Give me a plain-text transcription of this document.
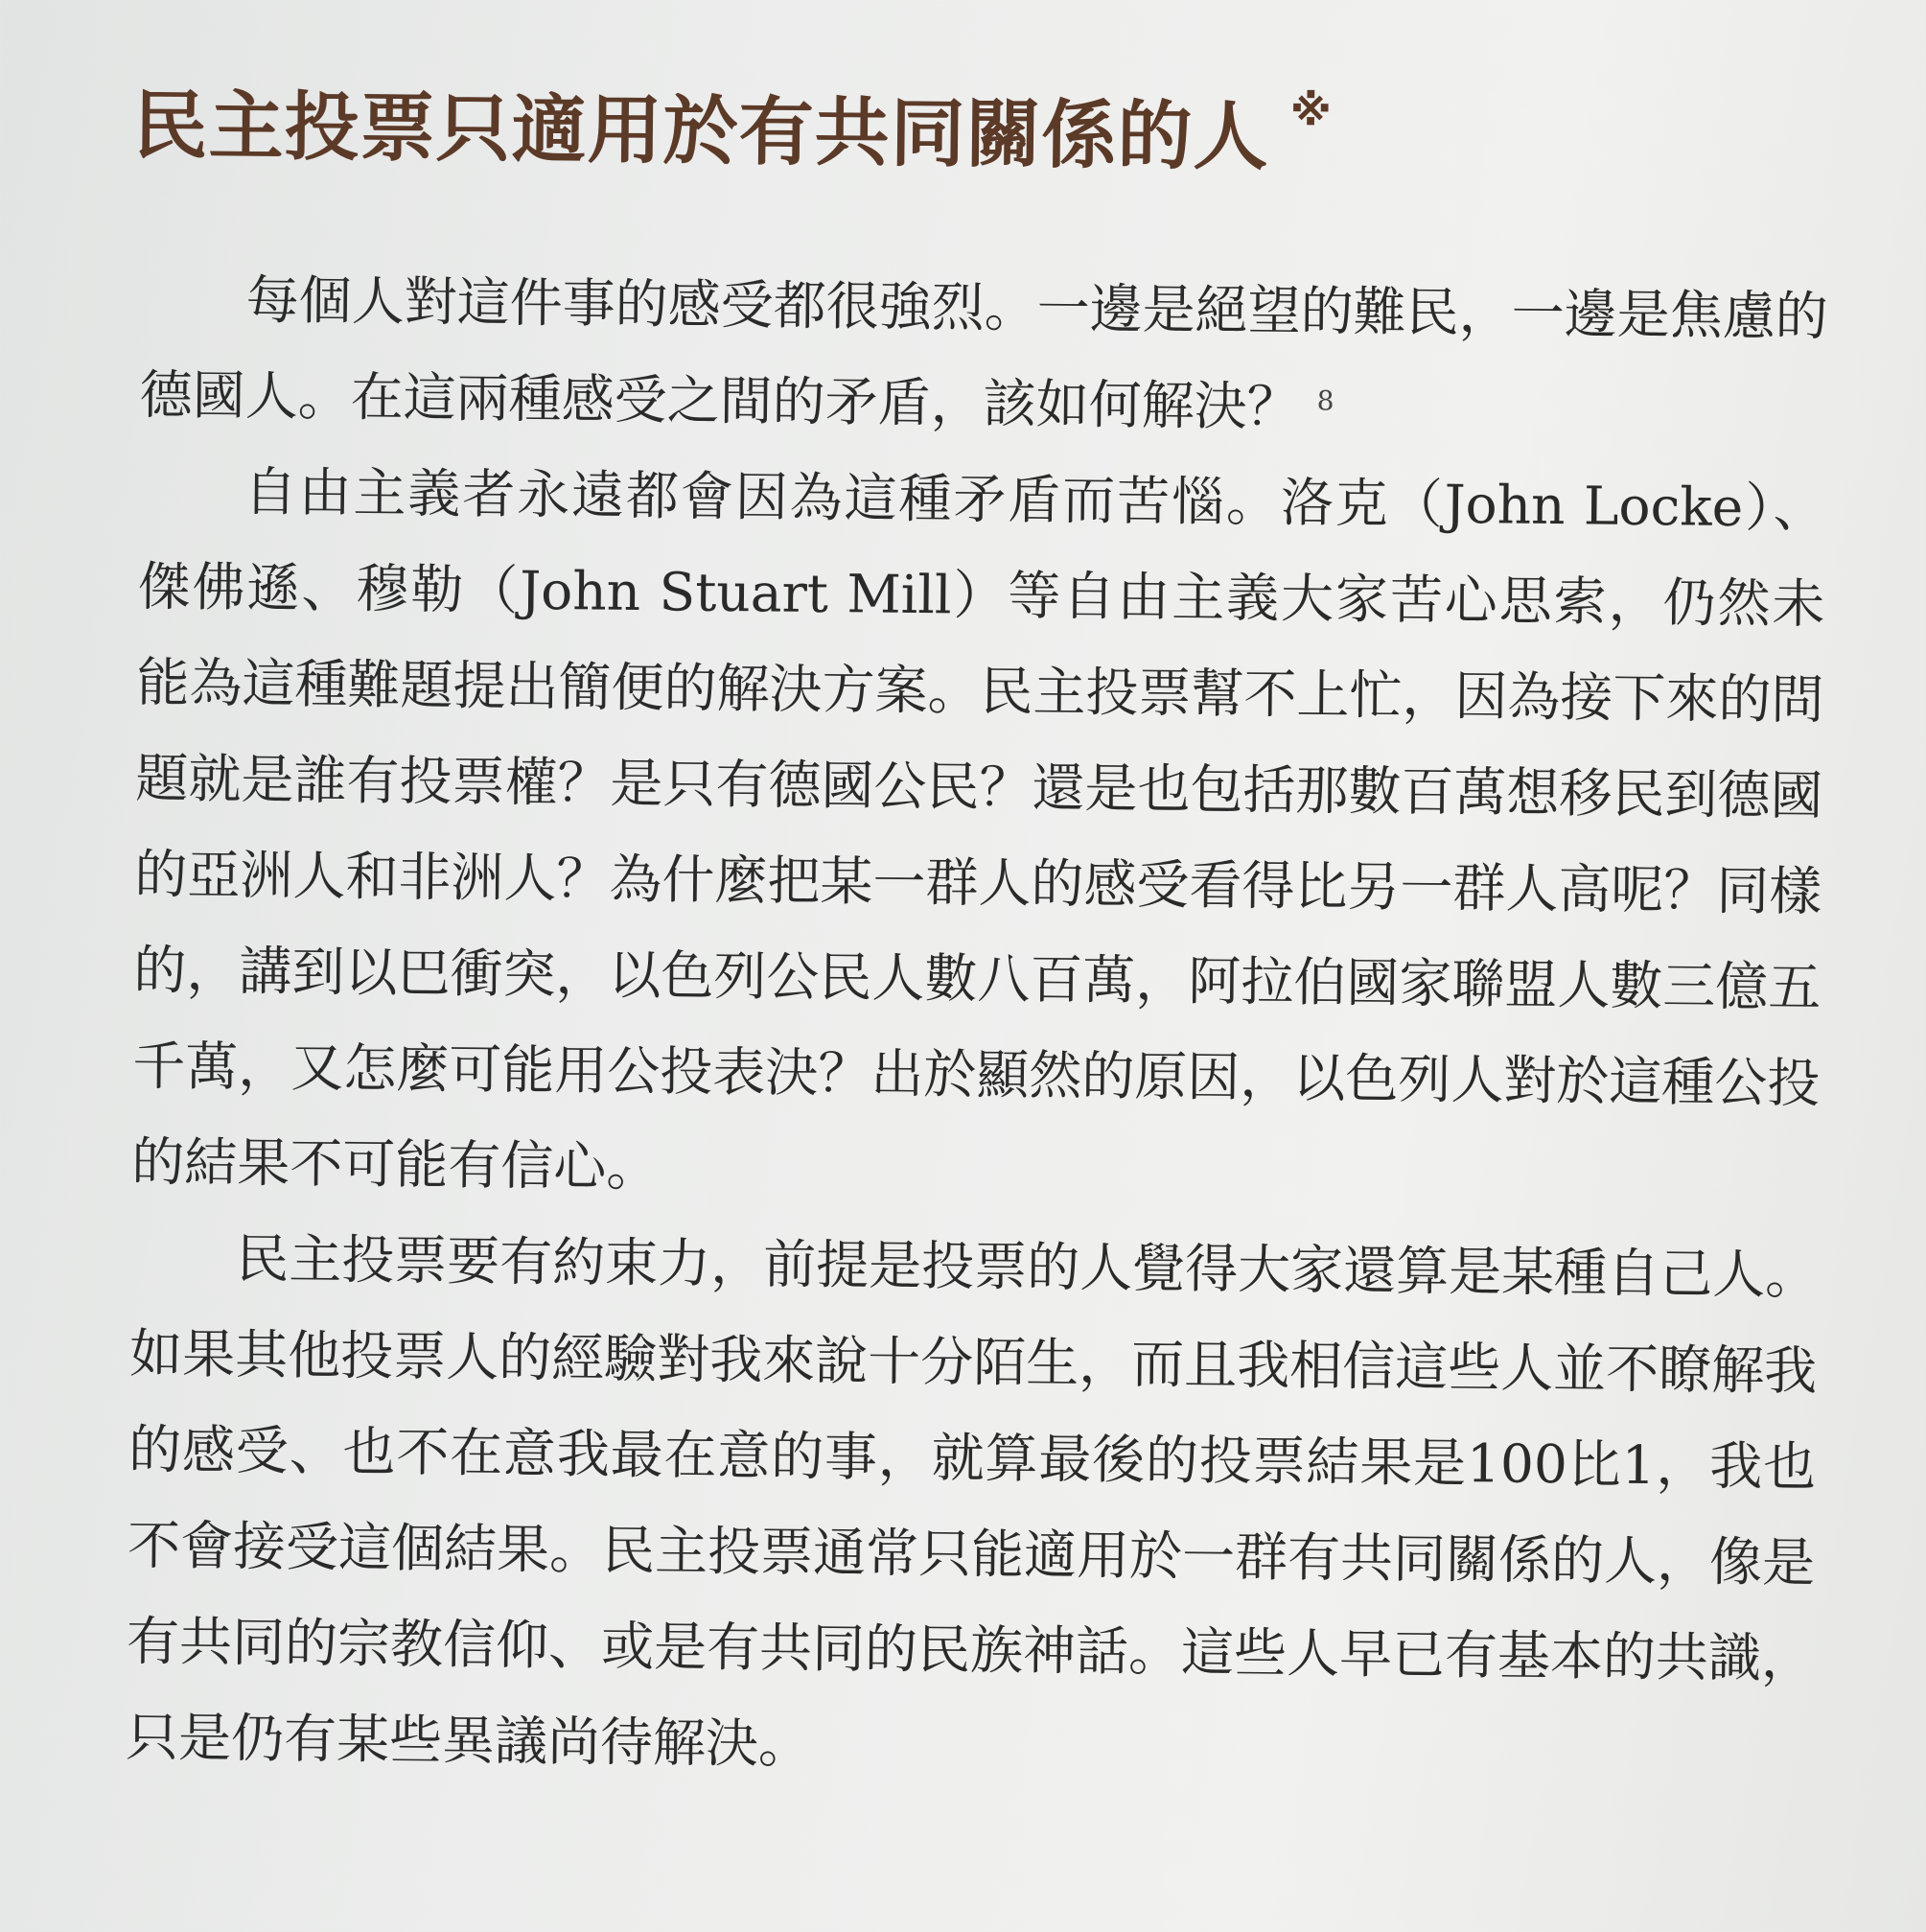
民主投票只適用於有共同關係的人 ※

每個人對這件事的感受都很強烈。一邊是絕望的難民，一邊是焦慮的德國人。在這兩種感受之間的矛盾，該如何解決？ $^8$

自由主義者永遠都會因為這種矛盾而苦惱。洛克（John Locke）、傑佛遜、穆勒（John Stuart Mill）等自由主義大家苦心思索，仍然未能為這種難題提出簡便的解決方案。民主投票幫不上忙，因為接下來的問題就是誰有投票權？是只有德國公民？還是也包括那數百萬想移民到德國的亞洲人和非洲人？為什麼把某一群人的感受看得比另一群人高呢？同樣的，講到以巴衝突，以色列公民人數八百萬，阿拉伯國家聯盟人數三億五千萬，又怎麼可能用公投表決？出於顯然的原因，以色列人對於這種公投的結果不可能有信心。

民主投票要有約束力，前提是投票的人覺得大家還算是某種自己人。如果其他投票人的經驗對我來說十分陌生，而且我相信這些人並不瞭解我的感受、也不在意我最在意的事，就算最後的投票結果是100比1，我也不會接受這個結果。民主投票通常只能適用於一群有共同關係的人，像是有共同的宗教信仰、或是有共同的民族神話。這些人早已有基本的共識，只是仍有某些異議尚待解決。
